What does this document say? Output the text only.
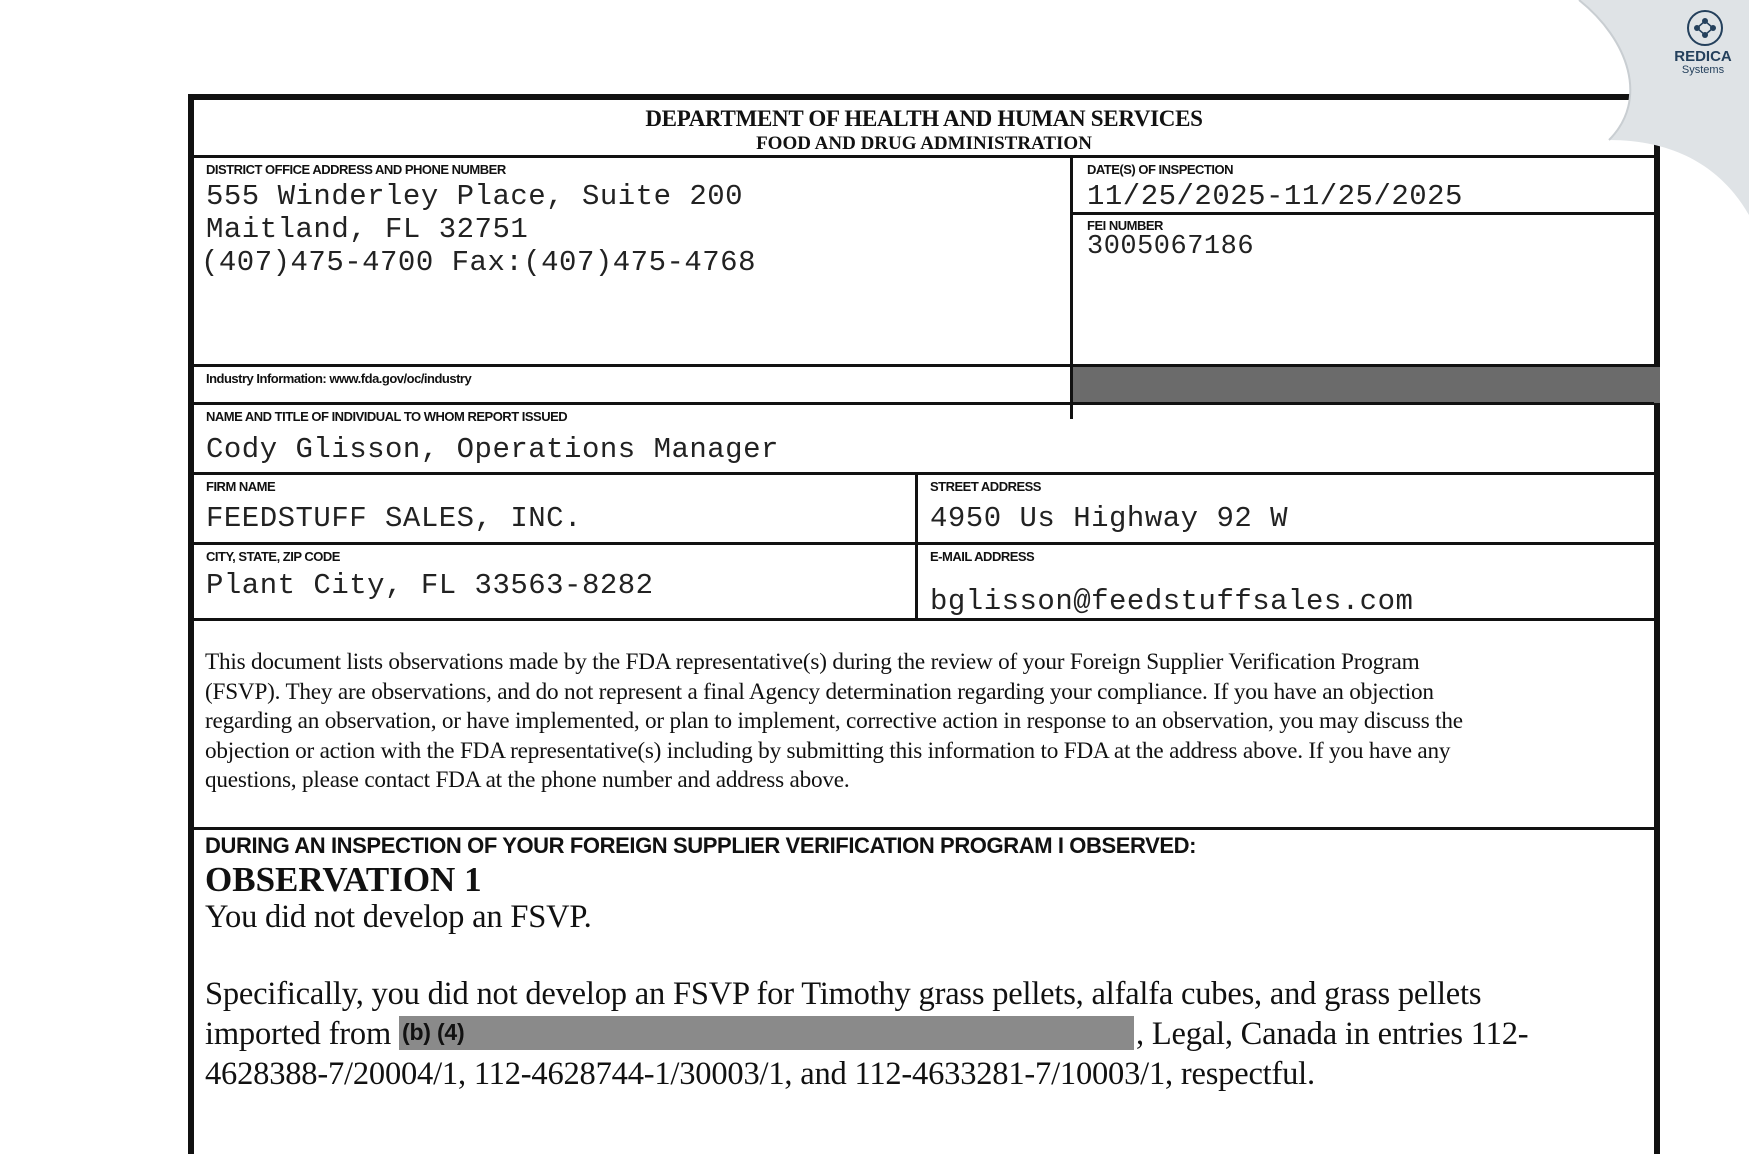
DEPARTMENT OF HEALTH AND HUMAN SERVICES
FOOD AND DRUG ADMINISTRATION
DISTRICT OFFICE ADDRESS AND PHONE NUMBER
555 Winderley Place, Suite 200
Maitland, FL 32751
(407)475-4700 Fax:(407)475-4768
DATE(S) OF INSPECTION
11/25/2025-11/25/2025
FEI NUMBER
3005067186
Industry Information: www.fda.gov/oc/industry
NAME AND TITLE OF INDIVIDUAL TO WHOM REPORT ISSUED
Cody Glisson, Operations Manager
FIRM NAME
FEEDSTUFF SALES, INC.
STREET ADDRESS
4950 Us Highway 92 W
CITY, STATE, ZIP CODE
Plant City, FL 33563-8282
E-MAIL ADDRESS
bglisson@feedstuffsales.com
This document lists observations made by the FDA representative(s) during the review of your Foreign Supplier Verification Program
(FSVP). They are observations, and do not represent a final Agency determination regarding your compliance. If you have an objection
regarding an observation, or have implemented, or plan to implement, corrective action in response to an observation, you may discuss the
objection or action with the FDA representative(s) including by submitting this information to FDA at the address above. If you have any
questions, please contact FDA at the phone number and address above.
DURING AN INSPECTION OF YOUR FOREIGN SUPPLIER VERIFICATION PROGRAM I OBSERVED:
OBSERVATION 1
You did not develop an FSVP.
Specifically, you did not develop an FSVP for Timothy grass pellets, alfalfa cubes, and grass pellets
imported from (b) (4)	, Legal, Canada in entries 112-
4628388-7/20004/1, 112-4628744-1/30003/1, and 112-4633281-7/10003/1, respectful.
REDICA
Systems
